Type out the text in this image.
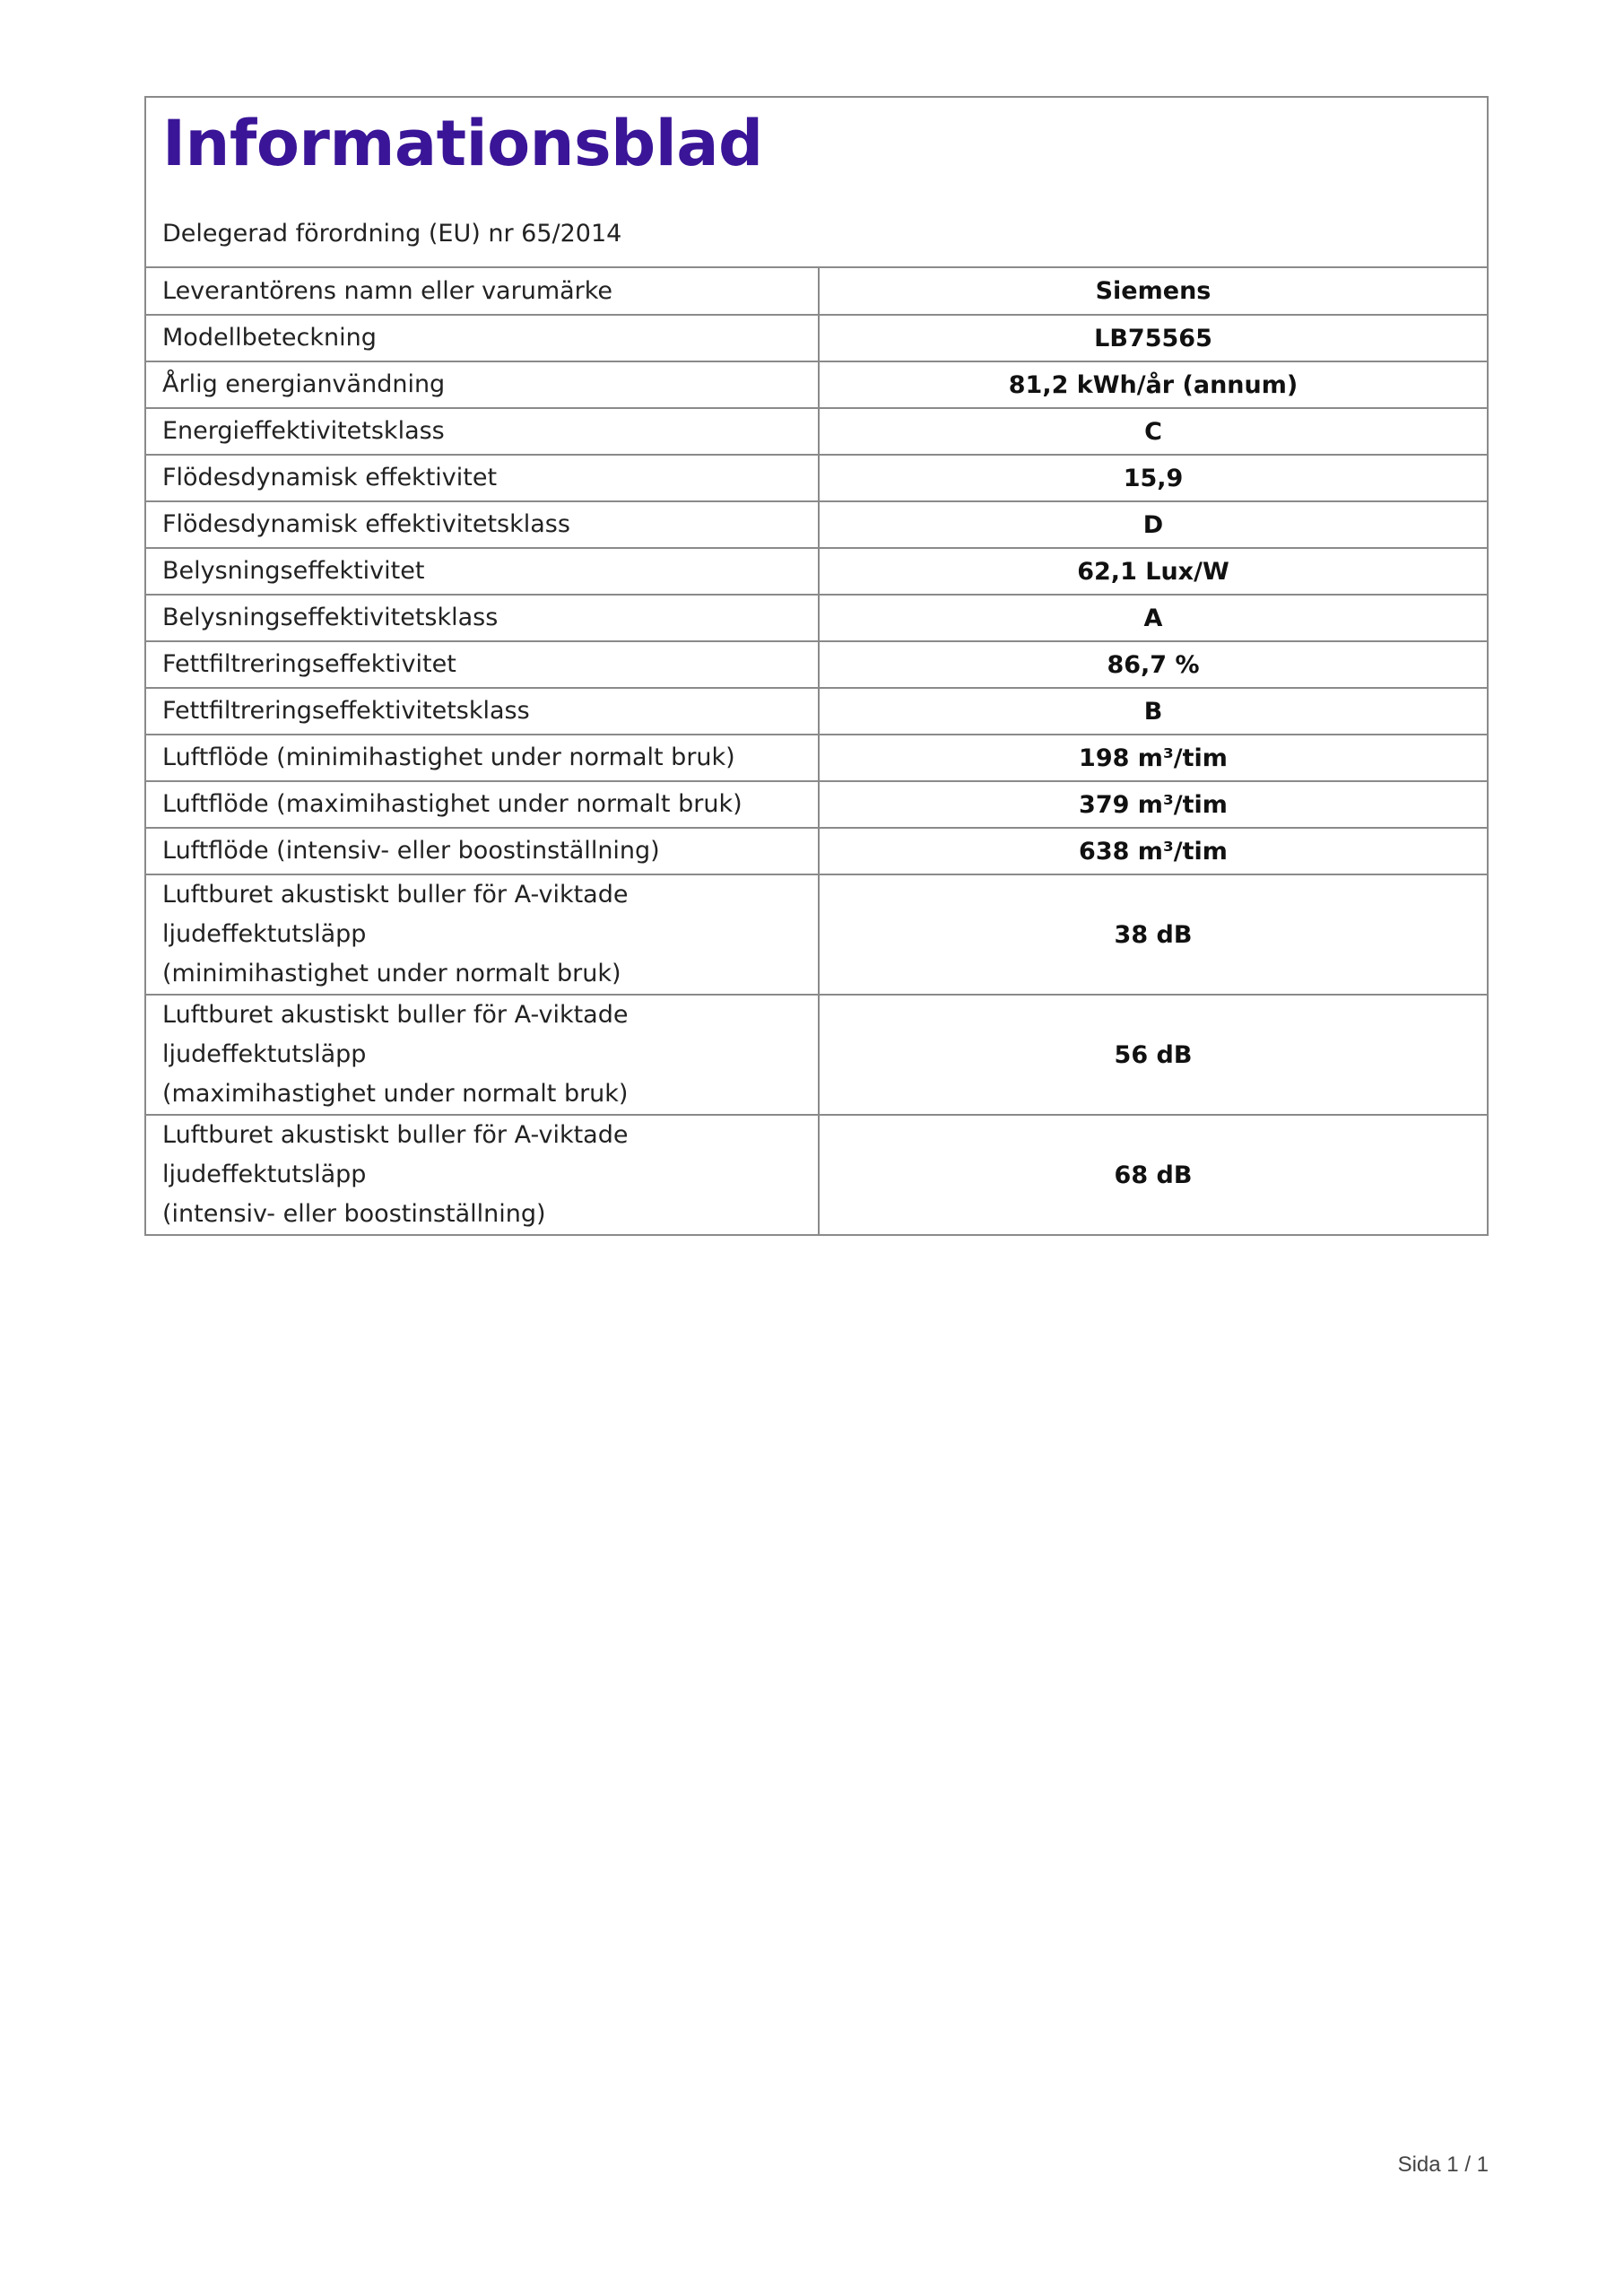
Informationsblad
Delegerad förordning (EU) nr 65/2014
Leverantörens namn eller varumärke	Siemens
Modellbeteckning	LB75565
Årlig energianvändning	81,2 kWh/år (annum)
Energieffektivitetsklass	C
Flödesdynamisk effektivitet	15,9
Flödesdynamisk effektivitetsklass	D
Belysningseffektivitet	62,1 Lux/W
Belysningseffektivitetsklass	A
Fettfiltreringseffektivitet	86,7 %
Fettfiltreringseffektivitetsklass	B
Luftflöde (minimihastighet under normalt bruk)	198 m³/tim
Luftflöde (maximihastighet under normalt bruk)	379 m³/tim
Luftflöde (intensiv- eller boostinställning)	638 m³/tim

Luftburet akustiskt buller för A-viktade ljudeffektutsläpp
(minimihastighet under normalt bruk)	38 dB

Luftburet akustiskt buller för A-viktade ljudeffektutsläpp
(maximihastighet under normalt bruk)	56 dB

Luftburet akustiskt buller för A-viktade ljudeffektutsläpp
(intensiv- eller boostinställning)	68 dB
Sida 1 / 1
